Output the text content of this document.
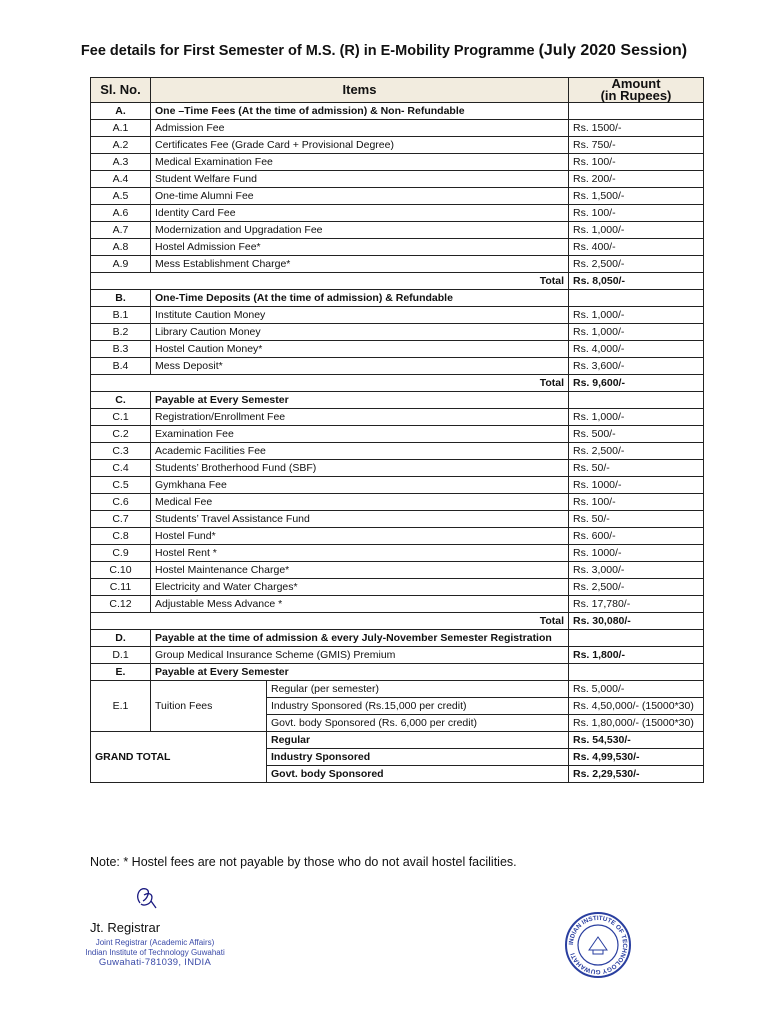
Fee details for First Semester of M.S. (R) in E-Mobility Programme (July 2020 Session)
Sl. No.	Items		Amount
(in Rupees)
A.	One –Time Fees (At the time of admission) & Non- Refundable		
A.1	Admission Fee		Rs. 1500/-
A.2	Certificates Fee (Grade Card + Provisional Degree)		Rs. 750/-
A.3	Medical Examination Fee		Rs. 100/-
A.4	Student Welfare Fund		Rs. 200/-
A.5	One-time Alumni Fee		Rs. 1,500/-
A.6	Identity Card Fee		Rs. 100/-
A.7	Modernization and Upgradation Fee		Rs. 1,000/-
A.8	Hostel Admission Fee*		Rs. 400/-
A.9	Mess Establishment Charge*		Rs. 2,500/-
Total			Rs. 8,050/-
B.	One-Time Deposits (At the time of admission) & Refundable		
B.1	Institute Caution Money		Rs. 1,000/-
B.2	Library Caution Money		Rs. 1,000/-
B.3	Hostel Caution Money*		Rs. 4,000/-
B.4	Mess Deposit*		Rs. 3,600/-
Total			Rs. 9,600/-
C.	Payable at Every Semester		
C.1	Registration/Enrollment Fee		Rs. 1,000/-
C.2	Examination Fee		Rs. 500/-
C.3	Academic Facilities Fee		Rs. 2,500/-
C.4	Students’ Brotherhood Fund (SBF)		Rs. 50/-
C.5	Gymkhana Fee		Rs. 1000/-
C.6	Medical Fee		Rs. 100/-
C.7	Students’ Travel Assistance Fund		Rs. 50/-
C.8	Hostel Fund*		Rs. 600/-
C.9	Hostel Rent *		Rs. 1000/-
C.10	Hostel Maintenance Charge*		Rs. 3,000/-
C.11	Electricity and Water Charges*		Rs. 2,500/-
C.12	Adjustable Mess Advance *		Rs. 17,780/-
Total			Rs. 30,080/-
D.	Payable at the time of admission & every July-November Semester Registration		
D.1	Group Medical Insurance Scheme (GMIS) Premium		Rs. 1,800/-
E.	Payable at Every Semester		
E.1	Tuition Fees	Regular (per semester)	Rs. 5,000/-
		Industry Sponsored (Rs.15,000 per credit)	Rs. 4,50,000/- (15000*30)
		Govt. body Sponsored (Rs. 6,000 per credit)	Rs. 1,80,000/- (15000*30)
GRAND TOTAL		Regular	Rs. 54,530/-
		Industry Sponsored	Rs. 4,99,530/-
		Govt. body Sponsored	Rs. 2,29,530/-
Note: * Hostel fees are not payable by those who do not avail hostel facilities.
Jt. Registrar
Joint Registrar (Academic Affairs)
Indian Institute of Technology Guwahati
Guwahati-781039, INDIA
INDIAN INSTITUTE OF TECHNOLOGY GUWAHATI
